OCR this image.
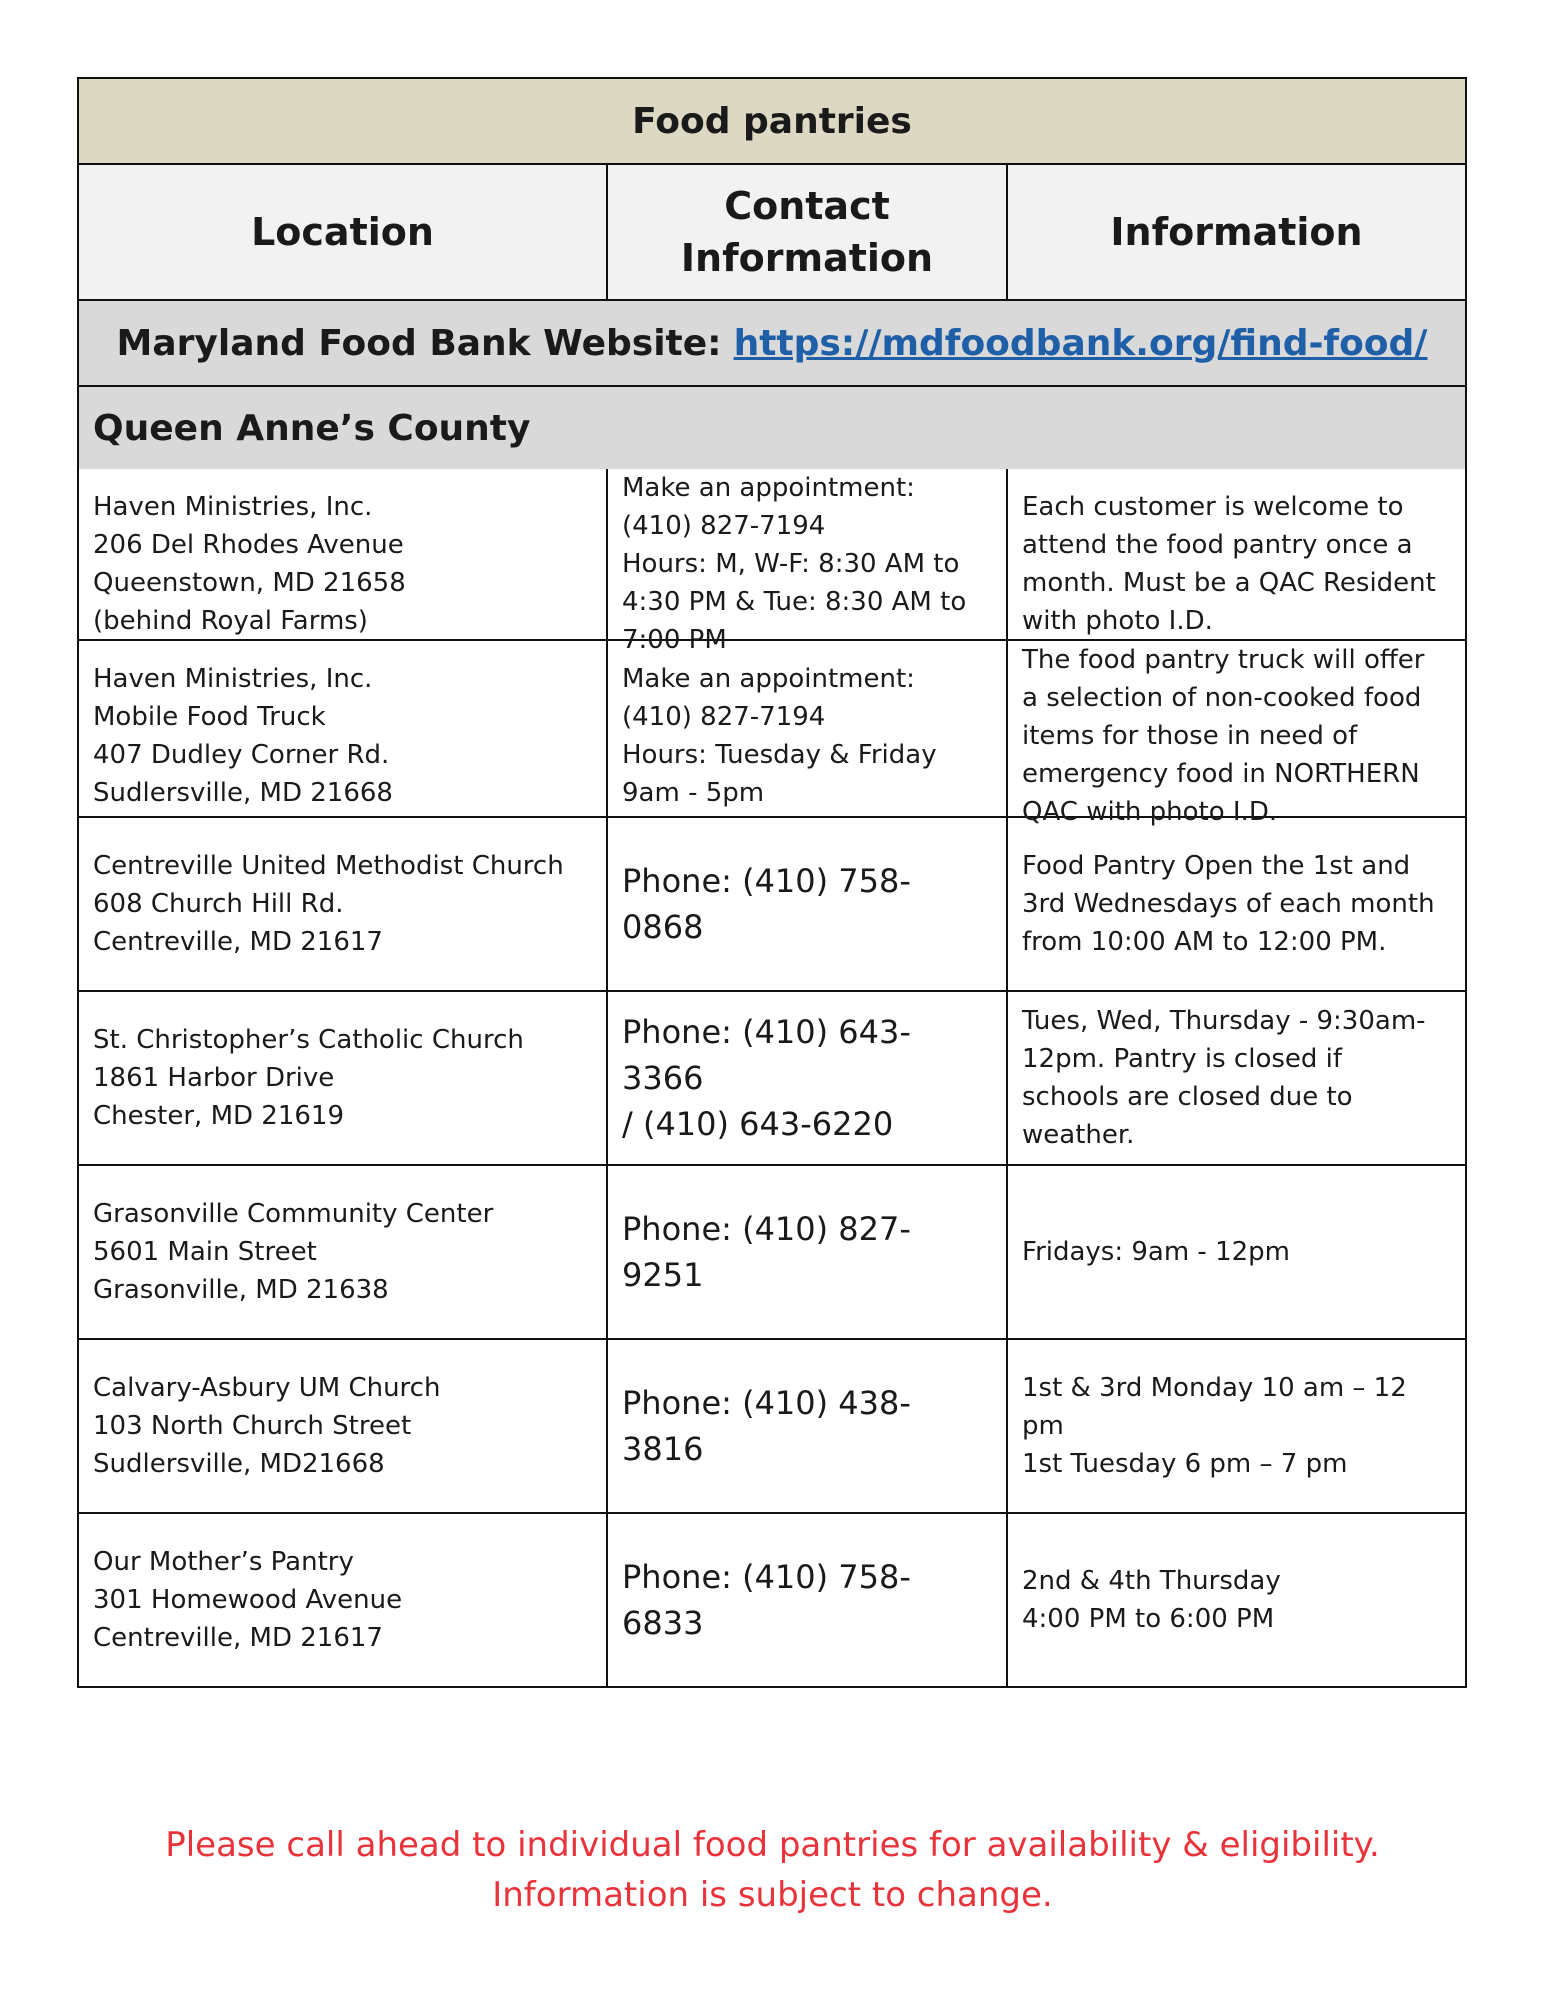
Food pantries
Location
Contact
Information
Information
Maryland Food Bank Website: https://mdfoodbank.org/find-food/
Queen Anne’s County
Haven Ministries, Inc.
206 Del Rhodes Avenue
Queenstown, MD 21658
(behind Royal Farms)
Make an appointment:
(410) 827-7194
Hours: M, W-F: 8:30 AM to
4:30 PM & Tue: 8:30 AM to
7:00 PM
Each customer is welcome to
attend the food pantry once a
month. Must be a QAC Resident
with photo I.D.
Haven Ministries, Inc.
Mobile Food Truck
407 Dudley Corner Rd.
Sudlersville, MD 21668
Make an appointment:
(410) 827-7194
Hours: Tuesday & Friday
9am - 5pm
The food pantry truck will offer
a selection of non-cooked food
items for those in need of
emergency food in NORTHERN
QAC with photo I.D.
Centreville United Methodist Church
608 Church Hill Rd.
Centreville, MD 21617
Phone: (410) 758-0868
Food Pantry Open the 1st and
3rd Wednesdays of each month
from 10:00 AM to 12:00 PM.
St. Christopher’s Catholic Church
1861 Harbor Drive
Chester, MD 21619
Phone: (410) 643-3366
/ (410) 643-6220
Tues, Wed, Thursday - 9:30am-
12pm. Pantry is closed if
schools are closed due to
weather.
Grasonville Community Center
5601 Main Street
Grasonville, MD 21638
Phone: (410) 827-9251
Fridays: 9am - 12pm
Calvary-Asbury UM Church
103 North Church Street
Sudlersville, MD21668
Phone: (410) 438-3816
1st & 3rd Monday 10 am – 12 pm
1st Tuesday 6 pm – 7 pm
Our Mother’s Pantry
301 Homewood Avenue
Centreville, MD 21617
Phone: (410) 758-6833
2nd & 4th Thursday
4:00 PM to 6:00 PM
Please call ahead to individual food pantries for availability & eligibility.
Information is subject to change.
